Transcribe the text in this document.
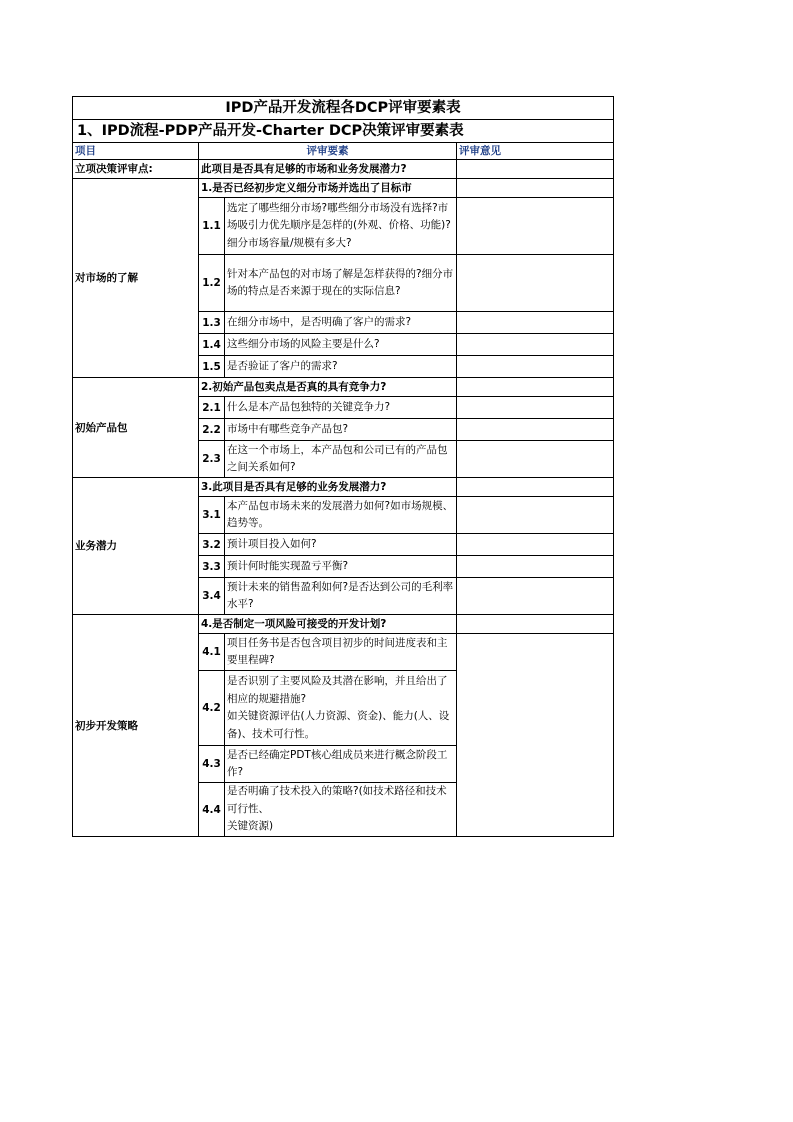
IPD产品开发流程各DCP评审要素表			
1、IPD流程-PDP产品开发-Charter DCP决策评审要素表			
项目	评审要素		评审意见
立项决策评审点:	此项目是否具有足够的市场和业务发展潜力?		
对市场的了解	1.是否已经初步定义细分市场并选出了目标市		
	1.1	选定了哪些细分市场?哪些细分市场没有选择?市场吸引力优先顺序是怎样的(外观、价格、功能)?细分市场容量/规模有多大?	
	1.2	针对本产品包的对市场了解是怎样获得的?细分市场的特点是否来源于现在的实际信息?	
	1.3	在细分市场中，是否明确了客户的需求?	
	1.4	这些细分市场的风险主要是什么?	
	1.5	是否验证了客户的需求?	
初始产品包	2.初始产品包卖点是否真的具有竞争力?		
	2.1	什么是本产品包独特的关键竞争力?	
	2.2	市场中有哪些竞争产品包?	
	2.3	在这一个市场上，本产品包和公司已有的产品包之间关系如何?	
业务潜力	3.此项目是否具有足够的业务发展潜力?		
	3.1	本产品包市场未来的发展潜力如何?如市场规模、趋势等。	
	3.2	预计项目投入如何?	
	3.3	预计何时能实现盈亏平衡?	
	3.4	预计未来的销售盈利如何?是否达到公司的毛利率水平?	
初步开发策略	4.是否制定一项风险可接受的开发计划?		
	4.1	项目任务书是否包含项目初步的时间进度表和主要里程碑?	
	4.2	是否识别了主要风险及其潜在影响，并且给出了相应的规避措施?
如关键资源评估(人力资源、资金)、能力(人、设备)、技术可行性。	
	4.3	是否已经确定PDT核心组成员来进行概念阶段工作?	
	4.4	是否明确了技术投入的策略?(如技术路径和技术可行性、
关键资源)	
